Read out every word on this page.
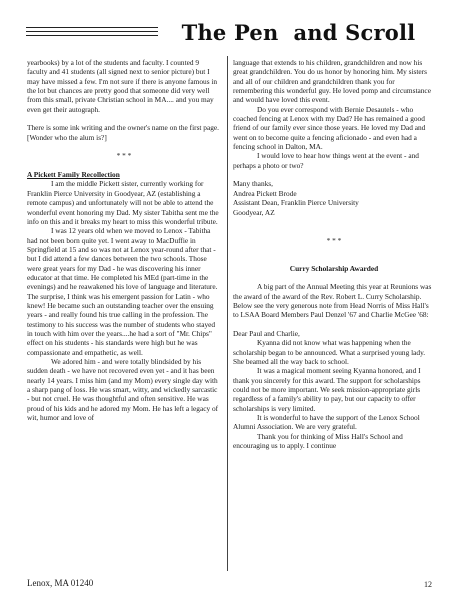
The Pen  and Scroll

yearbooks) by a lot of the students and faculty. I counted 9 faculty and 41 students (all signed next to senior picture) but I may have missed a few. I'm not sure if there is anyone famous in the lot but chances are pretty good that someone did very well from this small, private Christian school in MA.... and you may even get their autograph.

There is some ink writing and the owner's name on the first page. [Wonder who the alum is?]

* * *

A Pickett Family Recollection

I am the middle Pickett sister, currently working for Franklin Pierce University in Goodyear, AZ (establishing a remote campus) and unfortunately will not be able to attend the wonderful event honoring my Dad. My sister Tabitha sent me the info on this and it breaks my heart to miss this wonderful tribute.

I was 12 years old when we moved to Lenox - Tabitha had not been born quite yet. I went away to MacDuffie in Springfield at 15 and so was not at Lenox year-round after that - but I did attend a few dances between the two schools. Those were great years for my Dad - he was discovering his inner educator at that time. He completed his MEd (part-time in the evenings) and he reawakened his love of language and literature. The surprise, I think was his emergent passion for Latin - who knew! He became such an outstanding teacher over the ensuing years - and really found his true calling in the profession. The testimony to his success was the number of students who stayed in touch with him over the years....he had a sort of "Mr. Chips" effect on his students - his standards were high but he was compassionate and empathetic, as well.

We adored him - and were totally blindsided by his sudden death - we have not recovered even yet - and it has been nearly 14 years. I miss him (and my Mom) every single day with a sharp pang of loss. He was smart, witty, and wickedly sarcastic - but not cruel. He was thoughtful and often sensitive. He was proud of his kids and he adored my Mom. He has left a legacy of wit, humor and love of

language that extends to his children, grandchildren and now his great grandchildren. You do us honor by honoring him. My sisters and all of our children and grandchildren thank you for remembering this wonderful guy. He loved pomp and circumstance and would have loved this event.

Do you ever correspond with Bernie Desautels - who coached fencing at Lenox with my Dad? He has remained a good friend of our family ever since those years. He loved my Dad and went on to become quite a fencing aficionado - and even had a fencing school in Dalton, MA.

I would love to hear how things went at the event - and perhaps a photo or two?

Many thanks,

Andrea Pickett Brode

Assistant Dean, Franklin Pierce University

Goodyear, AZ

* * *

Curry Scholarship Awarded

A big part of the Annual Meeting this year at Reunions was the award of the award of the Rev. Robert L. Curry Scholarship. Below see the very generous note from Head Norris of Miss Hall's to LSAA Board Members Paul Denzel '67 and Charlie McGee '68:

Dear Paul and Charlie,

Kyanna did not know what was happening when the scholarship began to be announced. What a surprised young lady. She beamed all the way back to school.

It was a magical moment seeing Kyanna honored, and I thank you sincerely for this award. The support for scholarships could not be more important. We seek mission-appropriate girls regardless of a family's ability to pay, but our capacity to offer scholarships is very limited.

It is wonderful to have the support of the Lenox School Alumni Association. We are very grateful.

Thank you for thinking of Miss Hall's School and encouraging us to apply. I continue

Lenox, MA 01240	12
